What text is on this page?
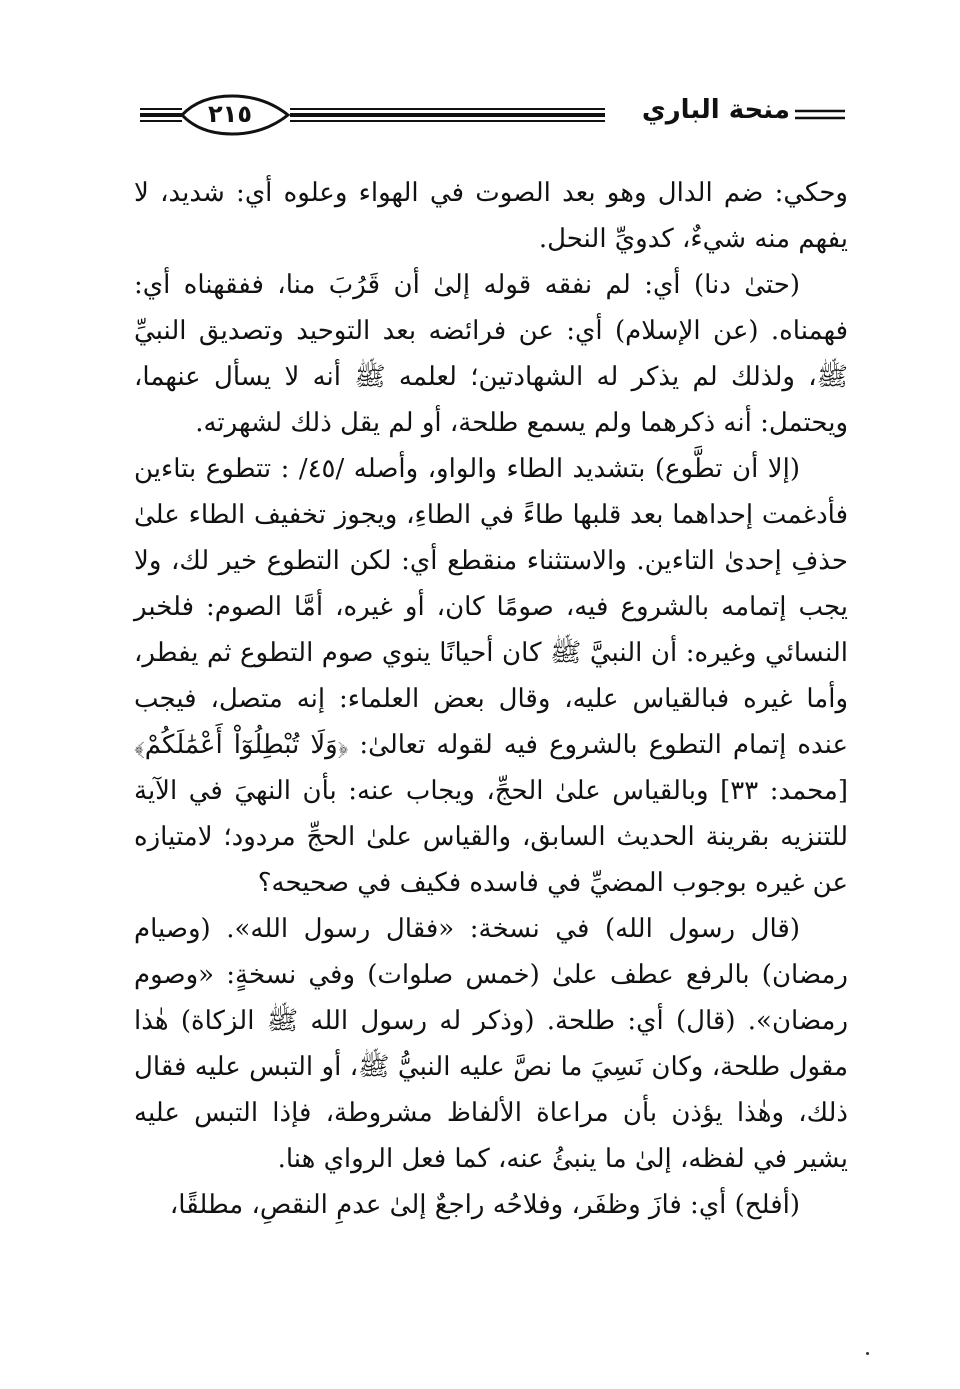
منحة الباري
٢١٥

وحكي: ضم الدال وهو بعد الصوت في الهواء وعلوه أي: شديد، لا يفهم منه شيءٌ، كدويِّ النحل.

(حتىٰ دنا) أي: لم نفقه قوله إلىٰ أن قَرُبَ منا، ففقهناه أي: فهمناه. (عن الإسلام) أي: عن فرائضه بعد التوحيد وتصديق النبيِّ ﷺ، ولذلك لم يذكر له الشهادتين؛ لعلمه ﷺ أنه لا يسأل عنهما، ويحتمل: أنه ذكرهما ولم يسمع طلحة، أو لم يقل ذلك لشهرته.

(إلا أن تطَّوع) بتشديد الطاء والواو، وأصله /٤٥/ : تتطوع بتاءين فأدغمت إحداهما بعد قلبها طاءً في الطاءِ، ويجوز تخفيف الطاء علىٰ حذفِ إحدىٰ التاءين. والاستثناء منقطع أي: لكن التطوع خير لك، ولا يجب إتمامه بالشروع فيه، صومًا كان، أو غيره، أمَّا الصوم: فلخبر النسائي وغيره: أن النبيَّ ﷺ كان أحيانًا ينوي صوم التطوع ثم يفطر، وأما غيره فبالقياس عليه، وقال بعض العلماء: إنه متصل، فيجب عنده إتمام التطوع بالشروع فيه لقوله تعالىٰ: ﴿وَلَا تُبْطِلُوٓاْ أَعْمَٰلَكُمْ﴾ [محمد: ٣٣] وبالقياس علىٰ الحجِّ، ويجاب عنه: بأن النهيَ في الآية للتنزيه بقرينة الحديث السابق، والقياس علىٰ الحجِّ مردود؛ لامتيازه عن غيره بوجوب المضيِّ في فاسده فكيف في صحيحه؟

(قال رسول الله) في نسخة: «فقال رسول الله». (وصيام رمضان) بالرفع عطف علىٰ (خمس صلوات) وفي نسخةٍ: «وصوم رمضان». (قال) أي: طلحة. (وذكر له رسول الله ﷺ الزكاة) هٰذا مقول طلحة، وكان نَسِيَ ما نصَّ عليه النبيُّ ﷺ، أو التبس عليه فقال ذلك، وهٰذا يؤذن بأن مراعاة الألفاظ مشروطة، فإذا التبس عليه يشير في لفظه، إلىٰ ما ينبئُ عنه، كما فعل الرواي هنا.

(أفلح) أي: فازَ وظفَر، وفلاحُه راجعٌ إلىٰ عدمِ النقصِ، مطلقًا،
